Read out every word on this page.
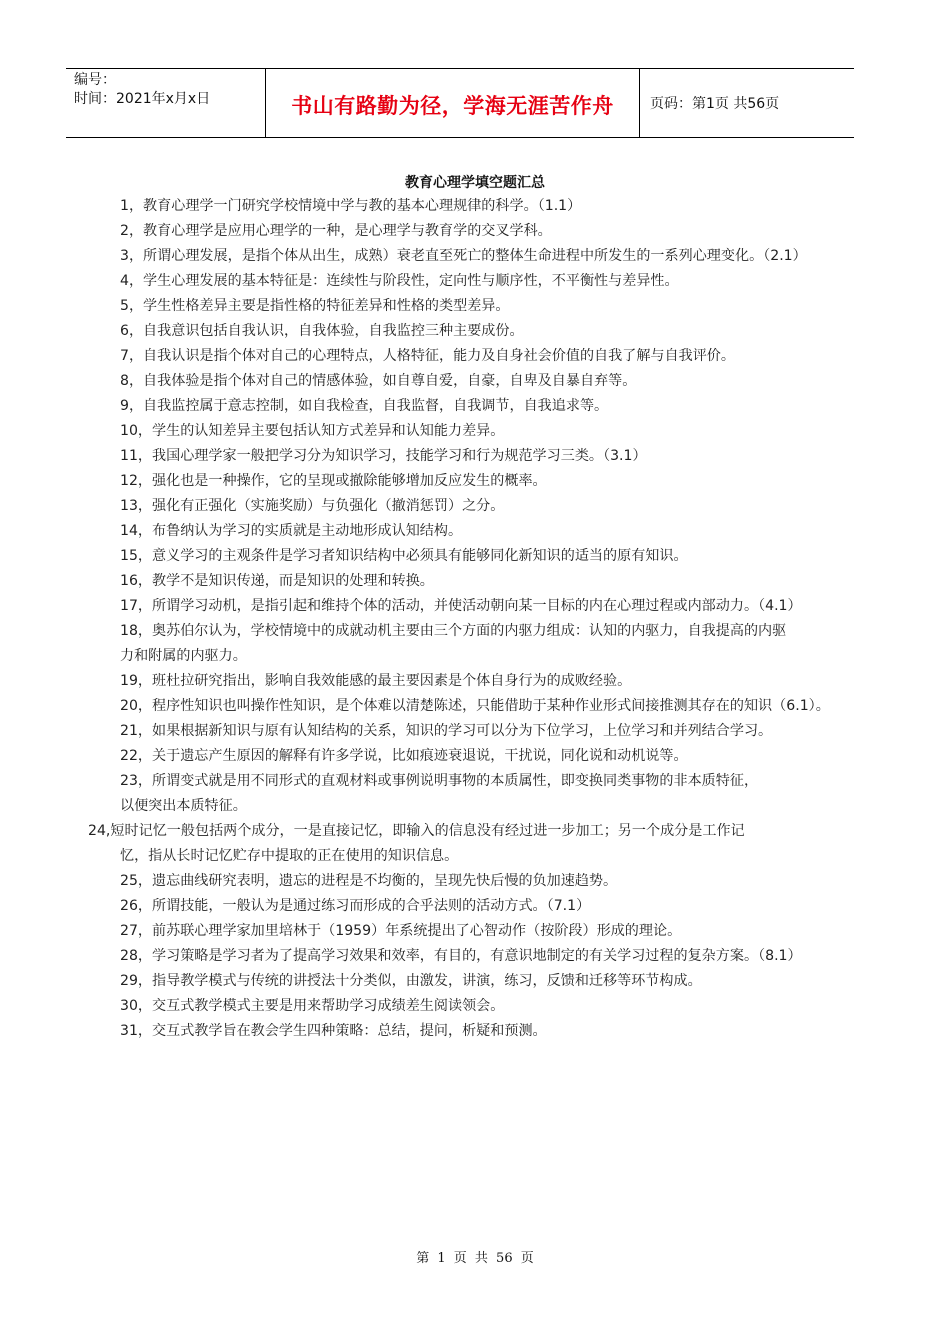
编号：
时间：2021年x月x日	书山有路勤为径，学海无涯苦作舟	页码：第1页 共56页
教育心理学填空题汇总

1，教育心理学一门研究学校情境中学与教的基本心理规律的科学。（1.1）

2，教育心理学是应用心理学的一种，是心理学与教育学的交叉学科。

3，所谓心理发展，是指个体从出生，成熟）衰老直至死亡的整体生命进程中所发生的一系列心理变化。（2.1）

4，学生心理发展的基本特征是：连续性与阶段性，定向性与顺序性，不平衡性与差异性。

5，学生性格差异主要是指性格的特征差异和性格的类型差异。

6，自我意识包括自我认识，自我体验，自我监控三种主要成份。

7，自我认识是指个体对自己的心理特点，人格特征，能力及自身社会价值的自我了解与自我评价。

8，自我体验是指个体对自己的情感体验，如自尊自爱，自豪，自卑及自暴自弃等。

9，自我监控属于意志控制，如自我检查，自我监督，自我调节，自我追求等。

10，学生的认知差异主要包括认知方式差异和认知能力差异。

11，我国心理学家一般把学习分为知识学习，技能学习和行为规范学习三类。（3.1）

12，强化也是一种操作，它的呈现或撤除能够增加反应发生的概率。

13，强化有正强化（实施奖励）与负强化（撤消惩罚）之分。

14，布鲁纳认为学习的实质就是主动地形成认知结构。

15，意义学习的主观条件是学习者知识结构中必须具有能够同化新知识的适当的原有知识。

16，教学不是知识传递，而是知识的处理和转换。

17，所谓学习动机，是指引起和维持个体的活动，并使活动朝向某一目标的内在心理过程或内部动力。（4.1）

18，奥苏伯尔认为，学校情境中的成就动机主要由三个方面的内驱力组成：认知的内驱力，自我提高的内驱

力和附属的内驱力。

19，班杜拉研究指出，影响自我效能感的最主要因素是个体自身行为的成败经验。

20，程序性知识也叫操作性知识，是个体难以清楚陈述，只能借助于某种作业形式间接推测其存在的知识（6.1）。

21，如果根据新知识与原有认知结构的关系，知识的学习可以分为下位学习，上位学习和并列结合学习。

22，关于遗忘产生原因的解释有许多学说，比如痕迹衰退说，干扰说，同化说和动机说等。

23，所谓变式就是用不同形式的直观材料或事例说明事物的本质属性，即变换同类事物的非本质特征，

以便突出本质特征。

24,短时记忆一般包括两个成分，一是直接记忆，即输入的信息没有经过进一步加工；另一个成分是工作记

忆，指从长时记忆贮存中提取的正在使用的知识信息。

25，遗忘曲线研究表明，遗忘的进程是不均衡的，呈现先快后慢的负加速趋势。

26，所谓技能，一般认为是通过练习而形成的合乎法则的活动方式。（7.1）

27，前苏联心理学家加里培林于（1959）年系统提出了心智动作（按阶段）形成的理论。

28，学习策略是学习者为了提高学习效果和效率，有目的，有意识地制定的有关学习过程的复杂方案。（8.1）

29，指导教学模式与传统的讲授法十分类似，由激发，讲演，练习，反馈和迁移等环节构成。

30，交互式教学模式主要是用来帮助学习成绩差生阅读领会。

31，交互式教学旨在教会学生四种策略：总结，提问，析疑和预测。

第 1 页 共 56 页
